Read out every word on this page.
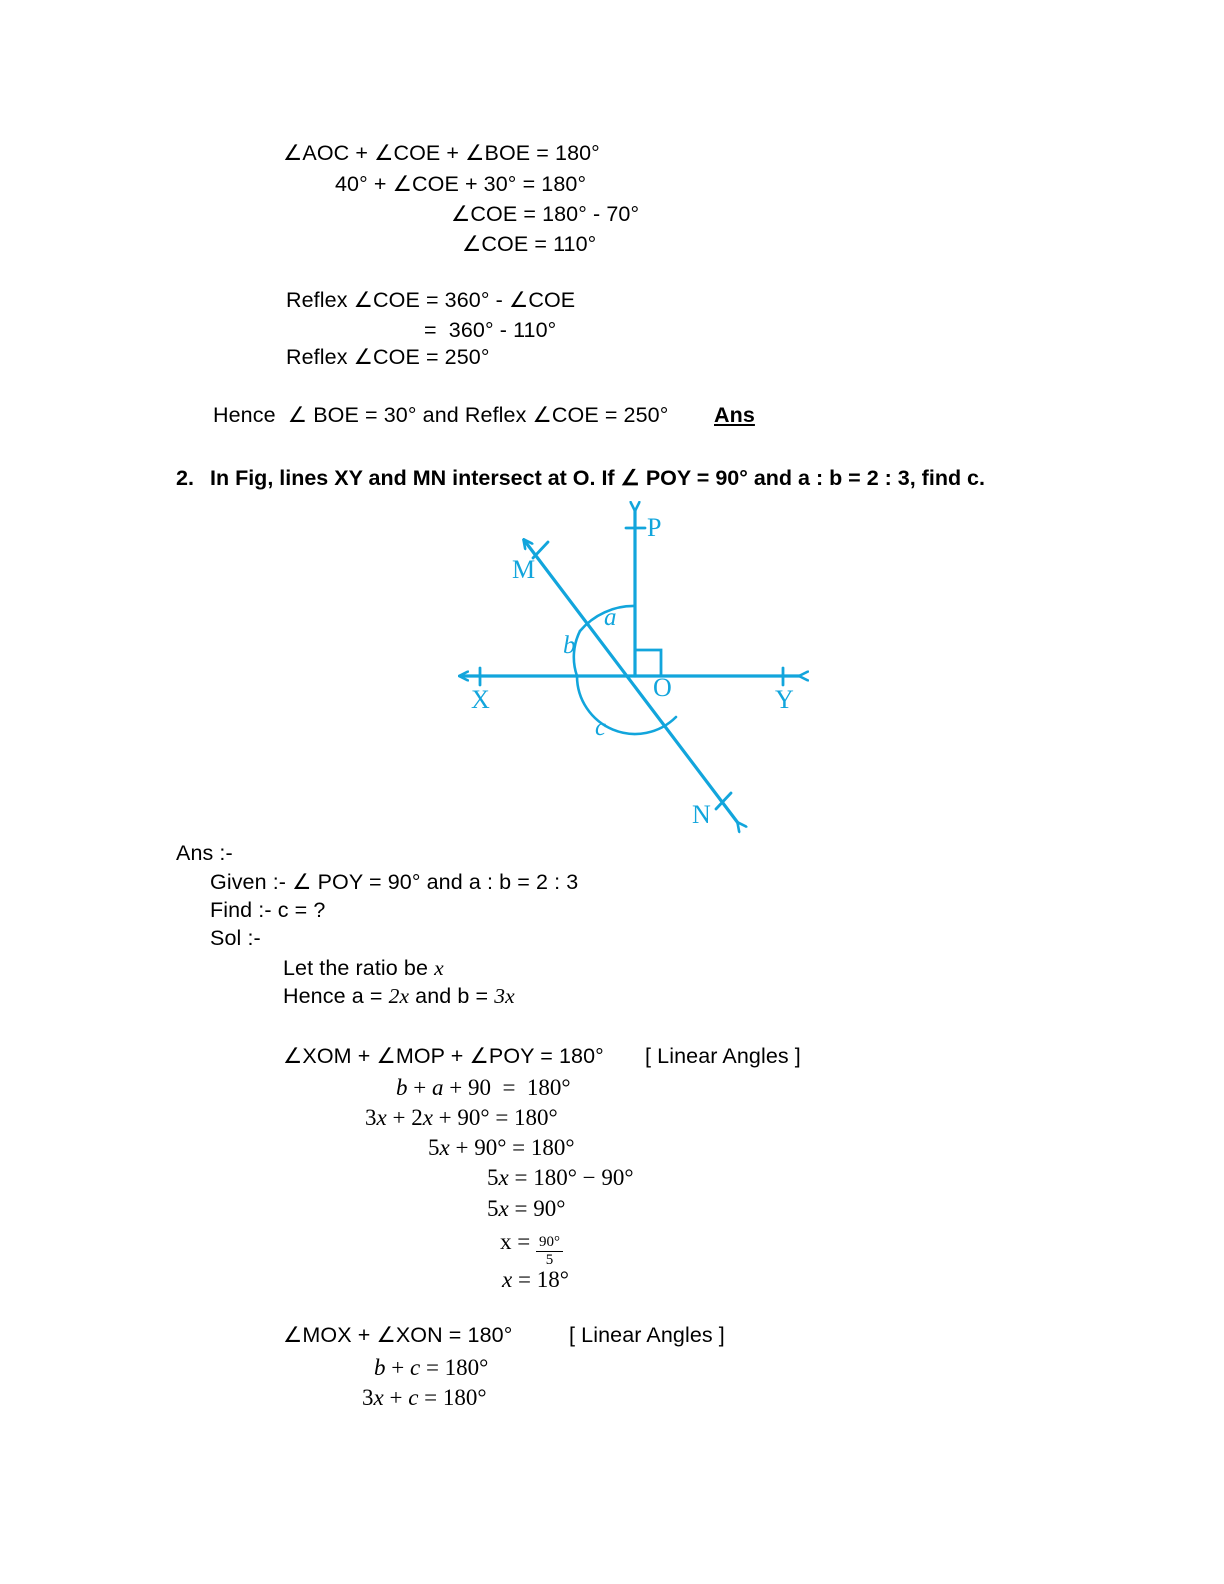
∠AOC + ∠COE + ∠BOE = 180°
40° + ∠COE + 30° = 180°
∠COE = 180° - 70°
∠COE = 110°
Reflex ∠COE = 360° - ∠COE
=  360° - 110°
Reflex ∠COE = 250°
Hence  ∠ BOE = 30° and Reflex ∠COE = 250° Ans
2. In Fig, lines XY and MN intersect at O. If ∠ POY = 90° and a : b = 2 : 3, find c.
P
M
N
X	Y
O
a
b
c
Ans :-
Given :- ∠ POY = 90° and a : b = 2 : 3
Find :- c = ?
Sol :-
Let the ratio be x
Hence a = 2x and b = 3x
∠XOM + ∠MOP + ∠POY = 180° [ Linear Angles ]
b + a + 90  =  180°
3x + 2x + 90° = 180°
5x + 90° = 180°
5x = 180° − 90°
5x = 90°
$x = \frac{90^\circ}{5}$
x = 18°
∠MOX + ∠XON = 180°	[ Linear Angles ]
b + c = 180°
3x + c = 180°
